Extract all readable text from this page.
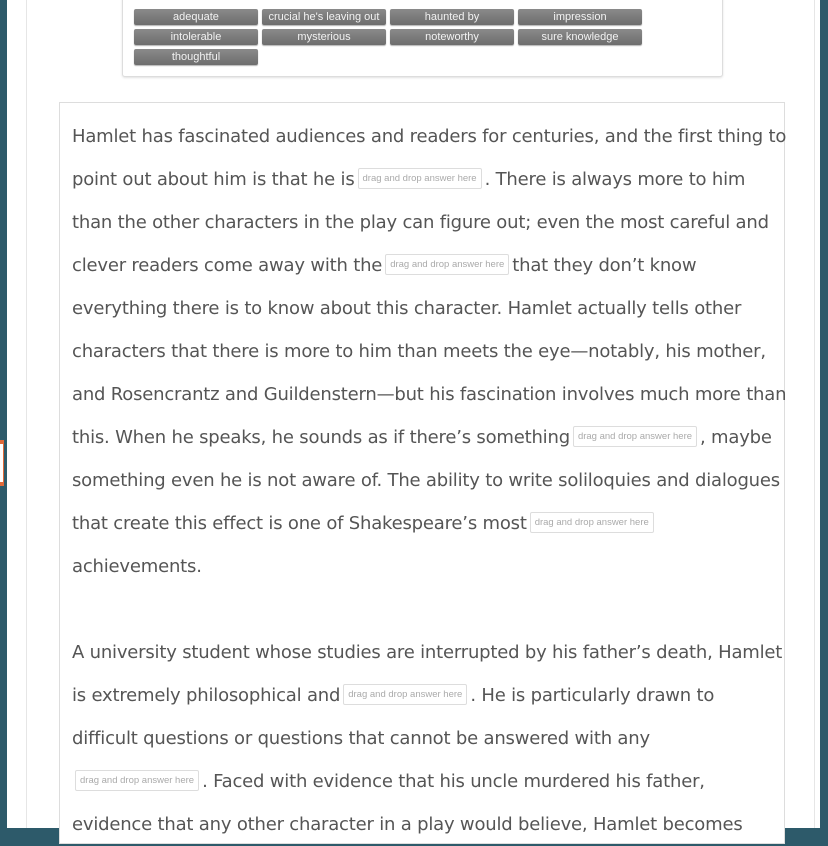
adequate	crucial he's leaving out	haunted by	impression
intolerable	mysterious	noteworthy	sure knowledge
thoughtful
Hamlet has fascinated audiences and readers for centuries, and the first thing to
point out about him is that he is drag and drop answer here . There is always more to him
than the other characters in the play can figure out; even the most careful and
clever readers come away with the drag and drop answer here that they don’t know
everything there is to know about this character. Hamlet actually tells other
characters that there is more to him than meets the eye—notably, his mother,
and Rosencrantz and Guildenstern—but his fascination involves much more than
this. When he speaks, he sounds as if there’s something drag and drop answer here , maybe
something even he is not aware of. The ability to write soliloquies and dialogues
that create this effect is one of Shakespeare’s most drag and drop answer here
achievements.
A university student whose studies are interrupted by his father’s death, Hamlet
is extremely philosophical and drag and drop answer here . He is particularly drawn to
difficult questions or questions that cannot be answered with any
drag and drop answer here . Faced with evidence that his uncle murdered his father,
evidence that any other character in a play would believe, Hamlet becomes
